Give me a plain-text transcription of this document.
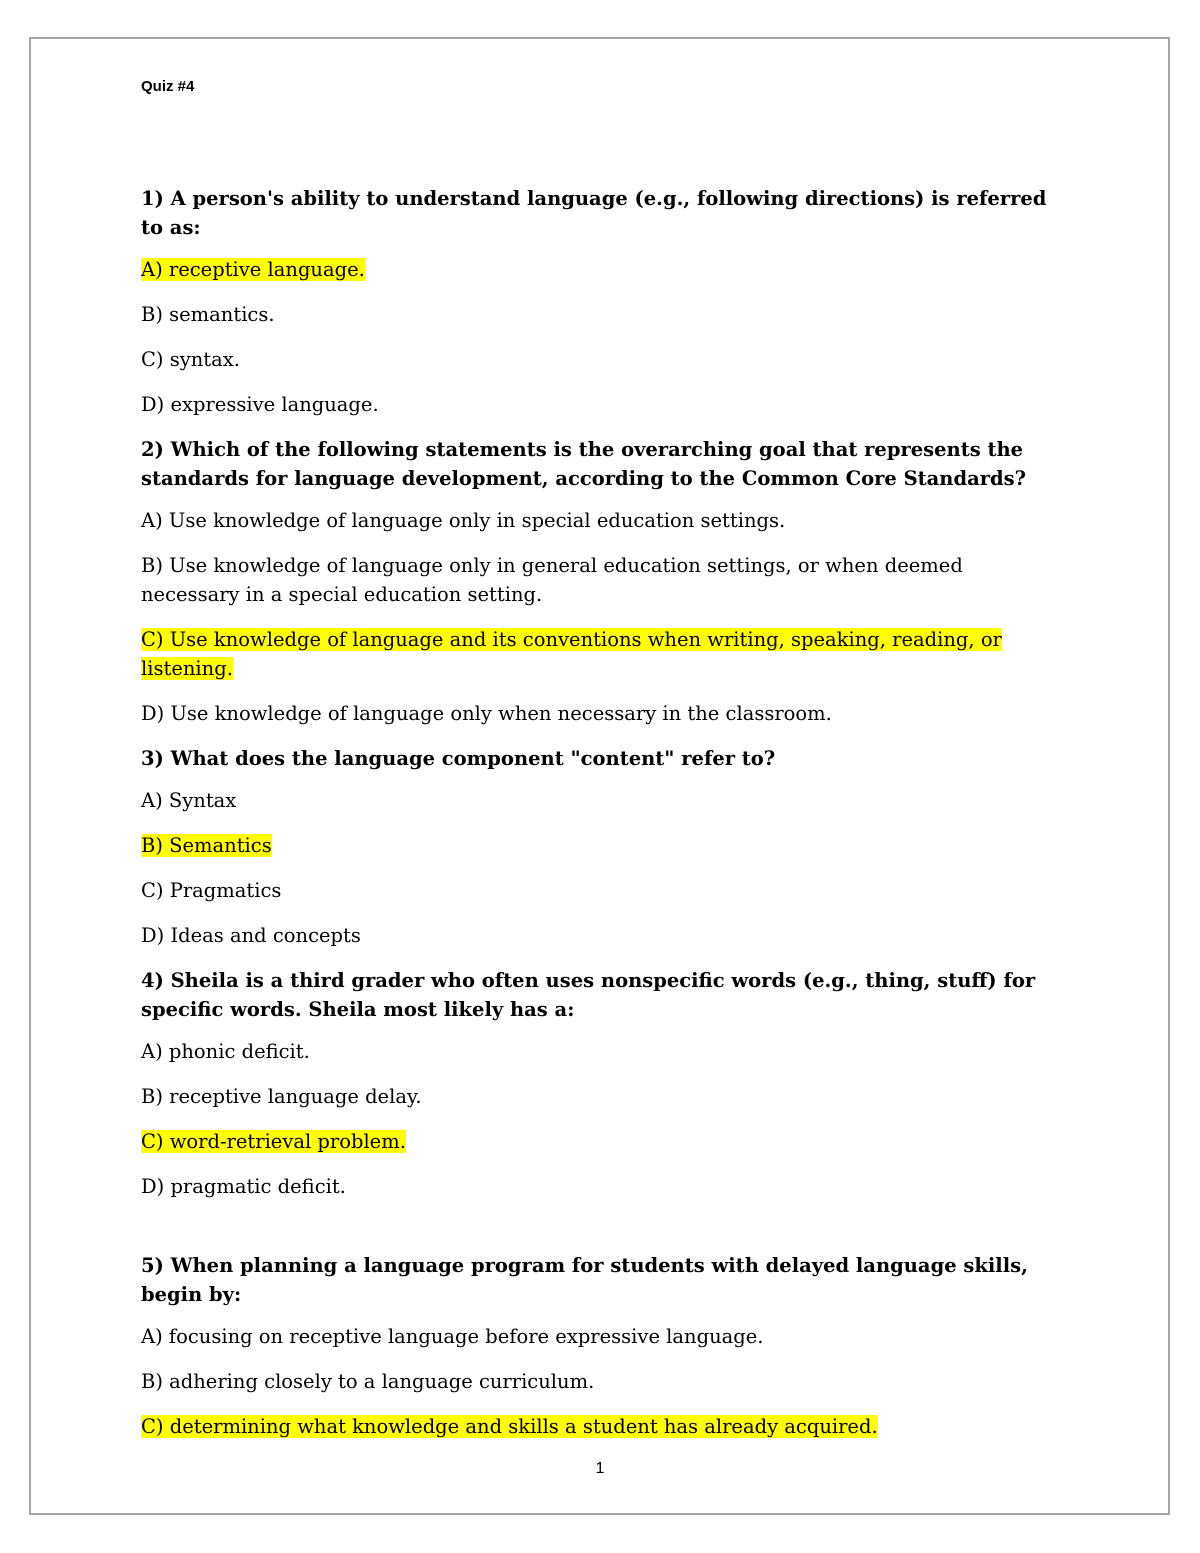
Quiz #4

1) A person's ability to understand language (e.g., following directions) is referred to as:

A) receptive language.

B) semantics.

C) syntax.

D) expressive language.

2) Which of the following statements is the overarching goal that represents the standards for language development, according to the Common Core Standards?

A) Use knowledge of language only in special education settings.

B) Use knowledge of language only in general education settings, or when deemed necessary in a special education setting.

C) Use knowledge of language and its conventions when writing, speaking, reading, or listening.

D) Use knowledge of language only when necessary in the classroom.

3) What does the language component "content" refer to?

A) Syntax

B) Semantics

C) Pragmatics

D) Ideas and concepts

4) Sheila is a third grader who often uses nonspecific words (e.g., thing, stuff) for specific words. Sheila most likely has a:

A) phonic deficit.

B) receptive language delay.

C) word-retrieval problem.

D) pragmatic deficit.

5) When planning a language program for students with delayed language skills, begin by:

A) focusing on receptive language before expressive language.

B) adhering closely to a language curriculum.

C) determining what knowledge and skills a student has already acquired.

1
